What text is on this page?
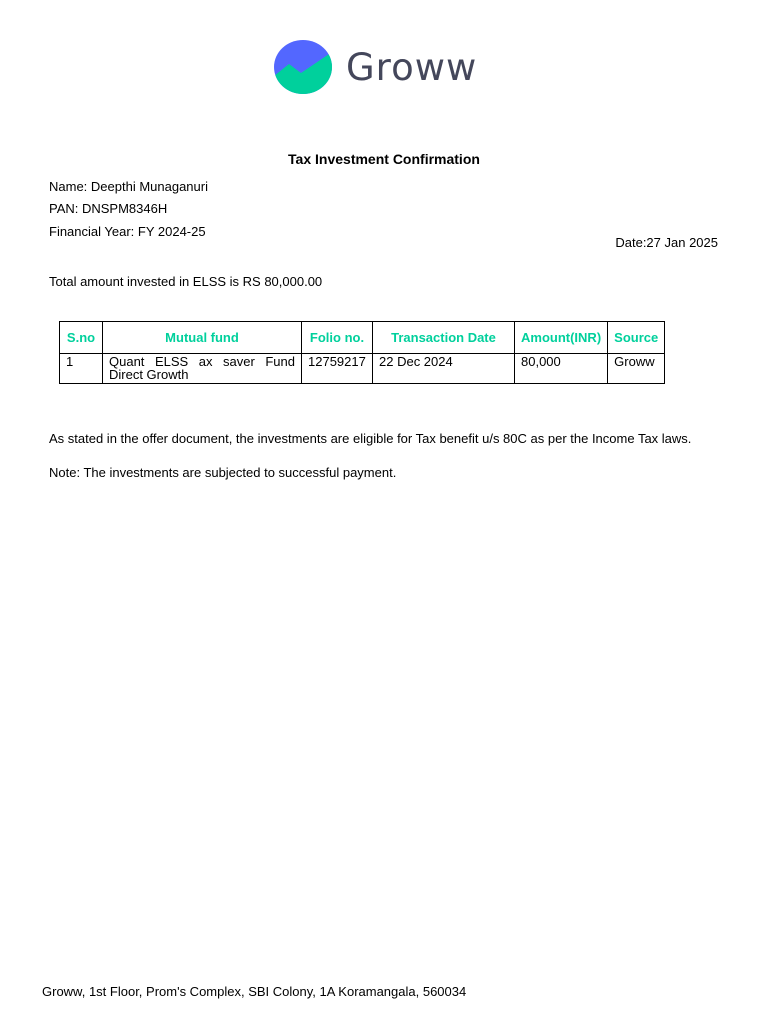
Groww
Tax Investment Confirmation
Name: Deepthi Munaganuri
PAN: DNSPM8346H
Financial Year: FY 2024-25
Date:27 Jan 2025
Total amount invested in ELSS is RS 80,000.00
S.no	Mutual fund	Folio no.	Transaction Date	Amount(INR)	Source
1	Quant ELSS ax saver Fund Direct Growth	12759217	22 Dec 2024	80,000	Groww
As stated in the offer document, the investments are eligible for Tax benefit u/s 80C as per the Income Tax laws.
Note: The investments are subjected to successful payment.
Groww, 1st Floor, Prom's Complex, SBI Colony, 1A Koramangala, 560034
